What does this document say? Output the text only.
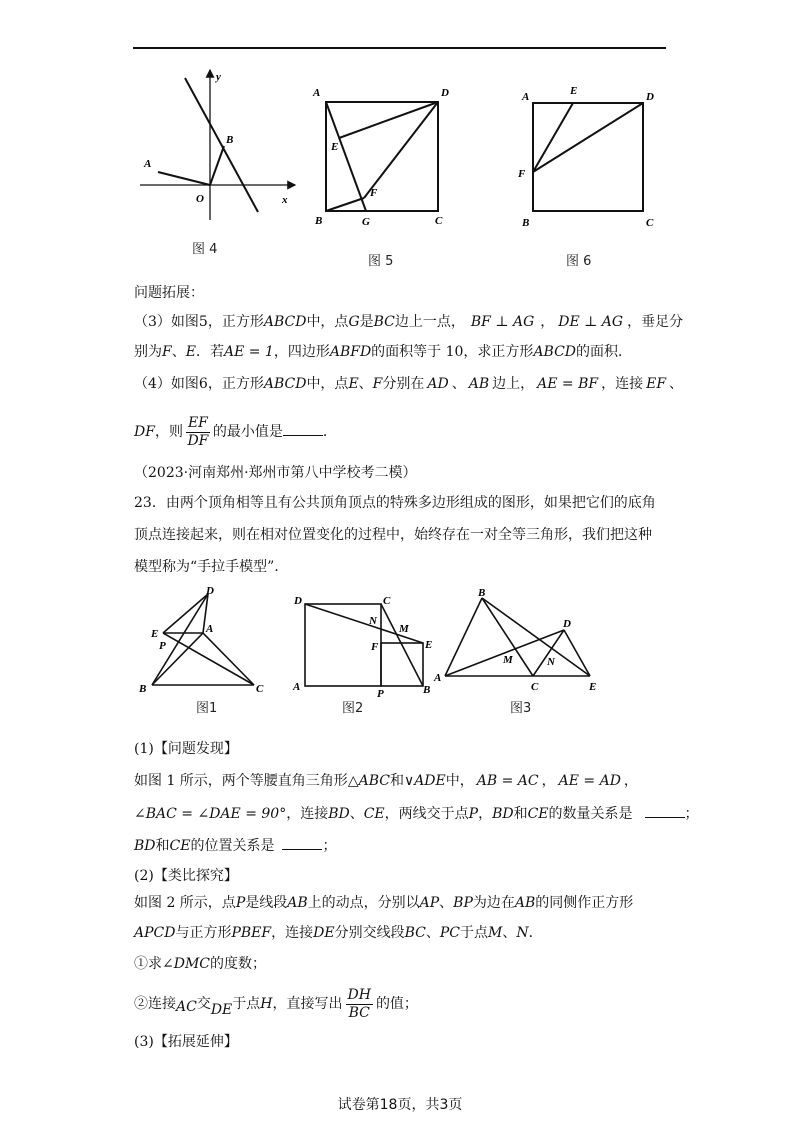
y
x
A
B
O
图 4
A	D
E
F
B	G	C
图 5
A	E	D
F
B	C
图 6
问题拓展：
（3）如图5，正方形ABCD中，点G是BC边上一点， BF ⊥ AG ， DE ⊥ AG ，垂足分
别为F、E．若AE = 1，四边形ABFD的面积等于 10，求正方形ABCD的面积．
（4）如图6，正方形ABCD中，点E、F分别在 AD 、 AB 边上， AE = BF ，连接 EF 、
DF，则 $\frac{EF}{DF}$ 的最小值是	．
（2023·河南郑州·郑州市第八中学校考二模）
23．由两个顶角相等且有公共顶角顶点的特殊多边形组成的图形，如果把它们的底角
顶点连接起来，则在相对位置变化的过程中，始终存在一对全等三角形，我们把这种
模型称为“手拉手模型”．
D
E	A
P
B	C
图1
D	C
N
M
F	E
A
P	B
图2
B
D
M	N
A
C	E
图3
(1)【问题发现】
如图 1 所示，两个等腰直角三角形△ABC和∨ADE中， AB = AC ， AE = AD ，
∠BAC = ∠DAE = 90°，连接BD、CE，两线交于点P，BD和CE的数量关系是	；
BD和CE的位置关系是	；
(2)【类比探究】
如图 2 所示，点P是线段AB上的动点，分别以AP、BP为边在AB的同侧作正方形
APCD与正方形PBEF，连接DE分别交线段BC、PC于点M、N．
①求∠DMC的度数；
②连接AC交DE于点H，直接写出 $\frac{DH}{BC}$ 的值；
(3)【拓展延伸】
试卷第18页，共3页
